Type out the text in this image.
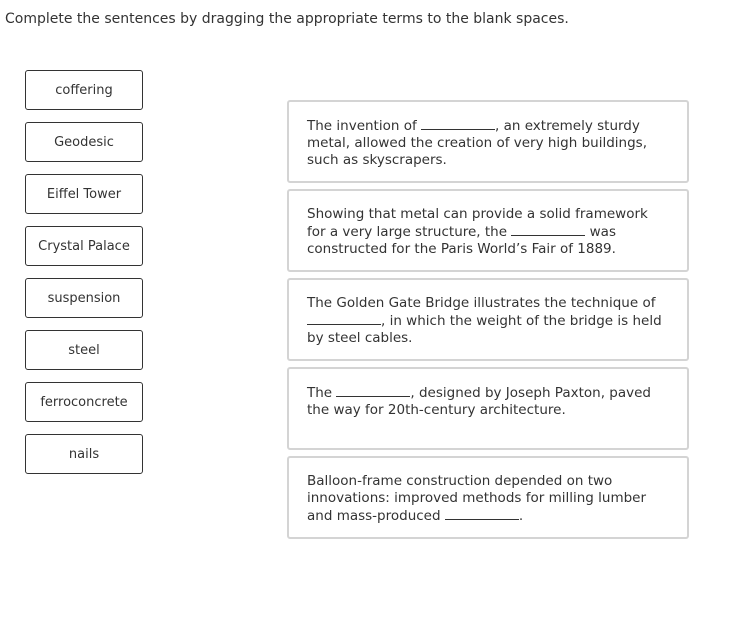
Complete the sentences by dragging the appropriate terms to the blank spaces.
coffering
Geodesic
Eiffel Tower
Crystal Palace
suspension
steel
ferroconcrete
nails
The invention of	, an extremely sturdy metal, allowed the creation of very high buildings, such as skyscrapers.
Showing that metal can provide a solid framework for a very large structure, the	was constructed for the Paris World’s Fair of 1889.
The Golden Gate Bridge illustrates the technique of , in which the weight of the bridge is held by steel cables.
The	, designed by Joseph Paxton, paved the way for 20th-century architecture.
Balloon-frame construction depended on two innovations: improved methods for milling lumber and mass-produced	.
